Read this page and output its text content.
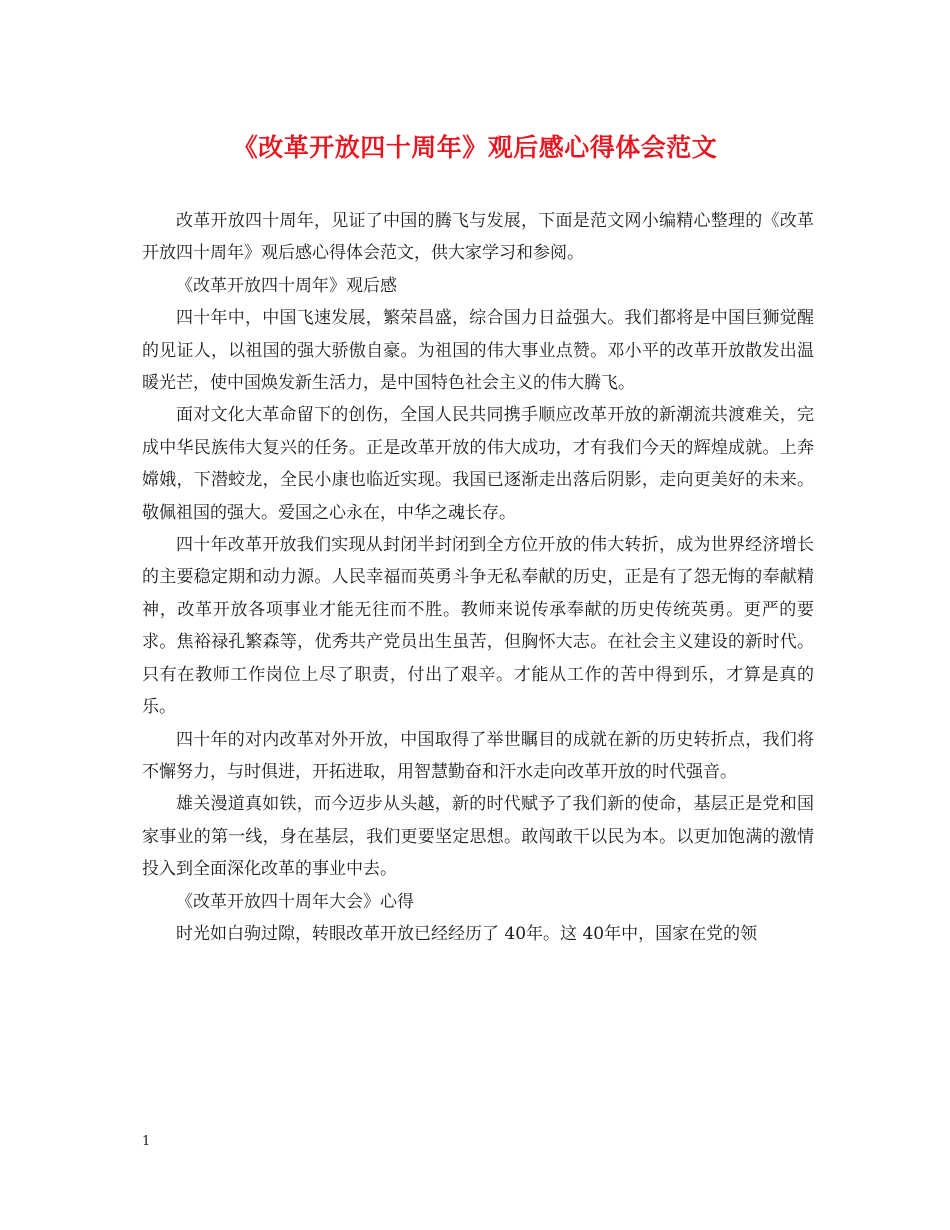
《改革开放四十周年》观后感心得体会范文

改革开放四十周年，见证了中国的腾飞与发展，下面是范文网小编精心整理的《改革开放四十周年》观后感心得体会范文，供大家学习和参阅。

《改革开放四十周年》观后感

四十年中，中国飞速发展，繁荣昌盛，综合国力日益强大。我们都将是中国巨狮觉醒的见证人，以祖国的强大骄傲自豪。为祖国的伟大事业点赞。邓小平的改革开放散发出温暖光芒，使中国焕发新生活力，是中国特色社会主义的伟大腾飞。

面对文化大革命留下的创伤，全国人民共同携手顺应改革开放的新潮流共渡难关，完成中华民族伟大复兴的任务。正是改革开放的伟大成功，才有我们今天的辉煌成就。上奔嫦娥，下潜蛟龙，全民小康也临近实现。我国已逐渐走出落后阴影，走向更美好的未来。敬佩祖国的强大。爱国之心永在，中华之魂长存。

四十年改革开放我们实现从封闭半封闭到全方位开放的伟大转折，成为世界经济增长的主要稳定期和动力源。人民幸福而英勇斗争无私奉献的历史，正是有了怨无悔的奉献精神，改革开放各项事业才能无往而不胜。教师来说传承奉献的历史传统英勇。更严的要求。焦裕禄孔繁森等，优秀共产党员出生虽苦，但胸怀大志。在社会主义建设的新时代。只有在教师工作岗位上尽了职责，付出了艰辛。才能从工作的苦中得到乐，才算是真的乐。

四十年的对内改革对外开放，中国取得了举世瞩目的成就在新的历史转折点，我们将不懈努力，与时俱进，开拓进取，用智慧勤奋和汗水走向改革开放的时代强音。

雄关漫道真如铁，而今迈步从头越，新的时代赋予了我们新的使命，基层正是党和国家事业的第一线，身在基层，我们更要坚定思想。敢闯敢干以民为本。以更加饱满的激情投入到全面深化改革的事业中去。

《改革开放四十周年大会》心得

时光如白驹过隙，转眼改革开放已经经历了 40年。这 40年中，国家在党的领

1
